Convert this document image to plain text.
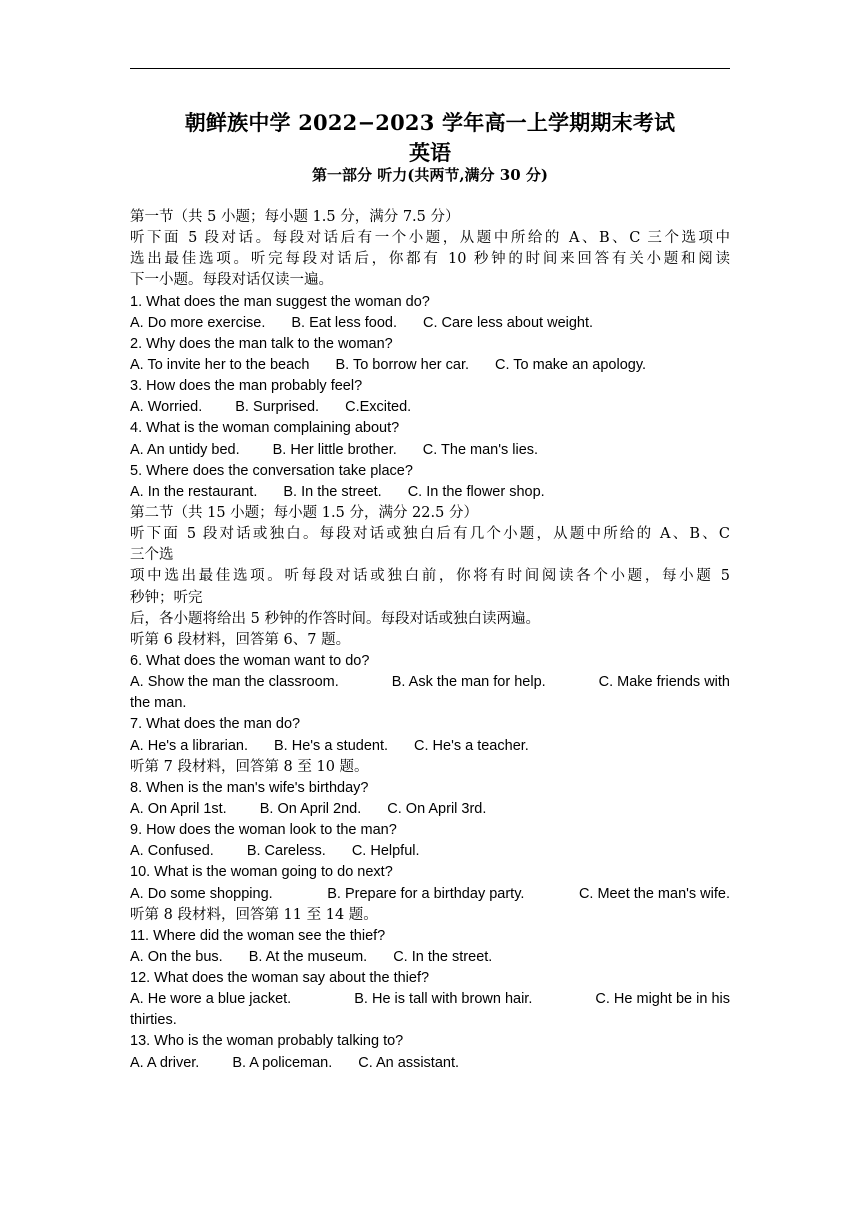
朝鲜族中学 2022−2023 学年高一上学期期末考试
英语
第一部分 听力(共两节,满分 30 分)
第一节（共 5 小题；每小题 1.5 分，满分 7.5 分）
听下面 5 段对话。每段对话后有一个小题，从题中所给的 A、B、C 三个选项中
选出最佳选项。听完每段对话后，你都有 10 秒钟的时间来回答有关小题和阅读
下一小题。每段对话仅读一遍。
1. What does the man suggest the woman do?
A. Do more exercise. B. Eat less food. C. Care less about weight.
2. Why does the man talk to the woman?
A. To invite her to the beach B. To borrow her car. C. To make an apology.
3. How does the man probably feel?
A. Worried. B. Surprised. C.Excited.
4. What is the woman complaining about?
A. An untidy bed. B. Her little brother. C. The man's lies.
5. Where does the conversation take place?
A. In the restaurant. B. In the street. C. In the flower shop.
第二节（共 15 小题；每小题 1.5 分，满分 22.5 分）
听下面 5 段对话或独白。每段对话或独白后有几个小题，从题中所给的 A、B、C
三个选
项中选出最佳选项。听每段对话或独白前，你将有时间阅读各个小题，每小题 5
秒钟；听完
后，各小题将给出 5 秒钟的作答时间。每段对话或独白读两遍。
听第 6 段材料，回答第 6、7 题。
6. What does the woman want to do?
A. Show the man the classroom.	B. Ask the man for help.	C. Make friends with
the man.
7. What does the man do?
A. He's a librarian. B. He's a student. C. He's a teacher.
听第 7 段材料，回答第 8 至 10 题。
8. When is the man's wife's birthday?
A. On April 1st. B. On April 2nd. C. On April 3rd.
9. How does the woman look to the man?
A. Confused. B. Careless. C. Helpful.
10. What is the woman going to do next?
A. Do some shopping.	B. Prepare for a birthday party.	C. Meet the man's wife.
听第 8 段材料，回答第 11 至 14 题。
11. Where did the woman see the thief?
A. On the bus. B. At the museum. C. In the street.
12. What does the woman say about the thief?
A. He wore a blue jacket.	B. He is tall with brown hair.	C. He might be in his
thirties.
13. Who is the woman probably talking to?
A. A driver. B. A policeman. C. An assistant.
